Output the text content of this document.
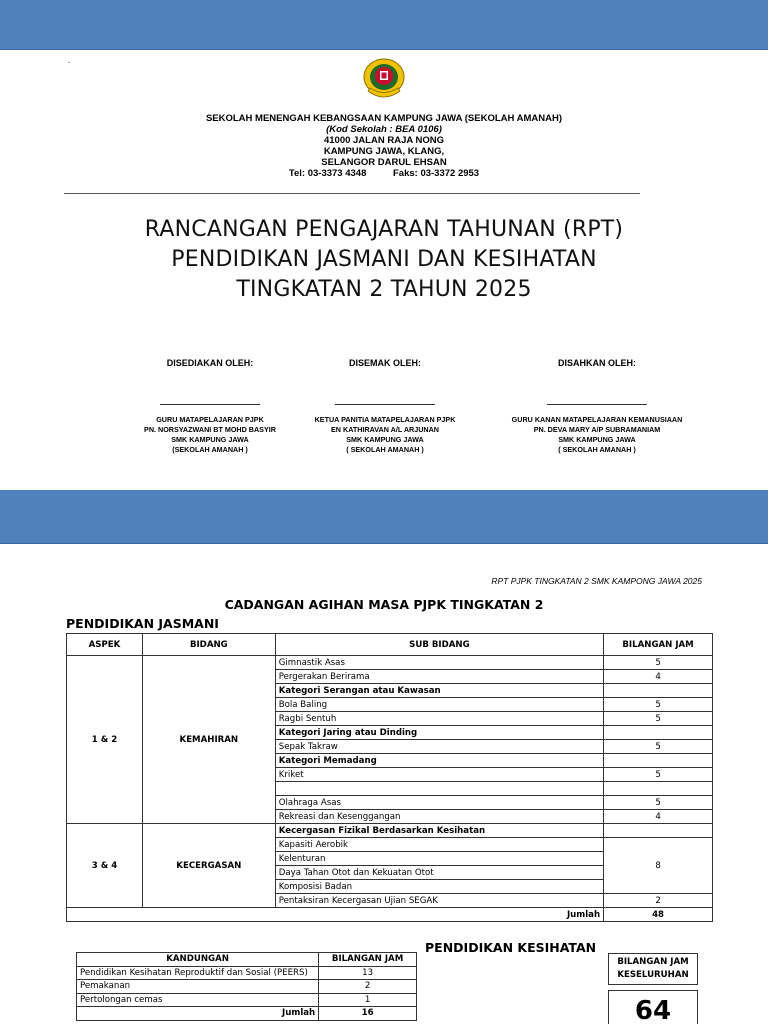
.
SEKOLAH MENENGAH KEBANGSAAN KAMPUNG JAWA (SEKOLAH AMANAH)
(Kod Sekolah : BEA 0106)
41000 JALAN RAJA NONG
KAMPUNG JAWA, KLANG,
SELANGOR DARUL EHSAN
Tel: 03-3373 4348	Faks: 03-3372 2953
RANCANGAN PENGAJARAN TAHUNAN (RPT)
PENDIDIKAN JASMANI DAN KESIHATAN
TINGKATAN 2 TAHUN 2025
DISEDIAKAN OLEH:
GURU MATAPELAJARAN PJPK
PN. NORSYAZWANI BT MOHD BASYIR
SMK KAMPUNG JAWA
(SEKOLAH AMANAH )
DISEMAK OLEH:
KETUA PANITIA MATAPELAJARAN PJPK
EN KATHIRAVAN A/L ARJUNAN
SMK KAMPUNG JAWA
( SEKOLAH AMANAH )
DISAHKAN OLEH:
GURU KANAN MATAPELAJARAN KEMANUSIAAN
PN. DEVA MARY A/P SUBRAMANIAM
SMK KAMPUNG JAWA
( SEKOLAH AMANAH )
RPT PJPK TINGKATAN 2 SMK KAMPONG JAWA 2025
CADANGAN AGIHAN MASA PJPK TINGKATAN 2
PENDIDIKAN JASMANI
ASPEK	BIDANG	SUB BIDANG	BILANGAN JAM
1 & 2	KEMAHIRAN	Gimnastik Asas	5
		Pergerakan Berirama	4
		Kategori Serangan atau Kawasan	
		Bola Baling	5
		Ragbi Sentuh	5
		Kategori Jaring atau Dinding	
		Sepak Takraw	5
		Kategori Memadang	
		Kriket	5

		Olahraga Asas	5
		Rekreasi dan Kesenggangan	4
3 & 4	KECERGASAN	Kecergasan Fizikal Berdasarkan Kesihatan	
		Kapasiti Aerobik	8
		Kelenturan	
		Daya Tahan Otot dan Kekuatan Otot	
		Komposisi Badan	
		Pentaksiran Kecergasan Ujian SEGAK	2
Jumlah			48
PENDIDIKAN KESIHATAN
KANDUNGAN	BILANGAN JAM
Pendidikan Kesihatan Reproduktif dan Sosial (PEERS)	13
Pemakanan	2
Pertolongan cemas	1
Jumlah	16
BILANGAN JAM
KESELURUHAN
64
